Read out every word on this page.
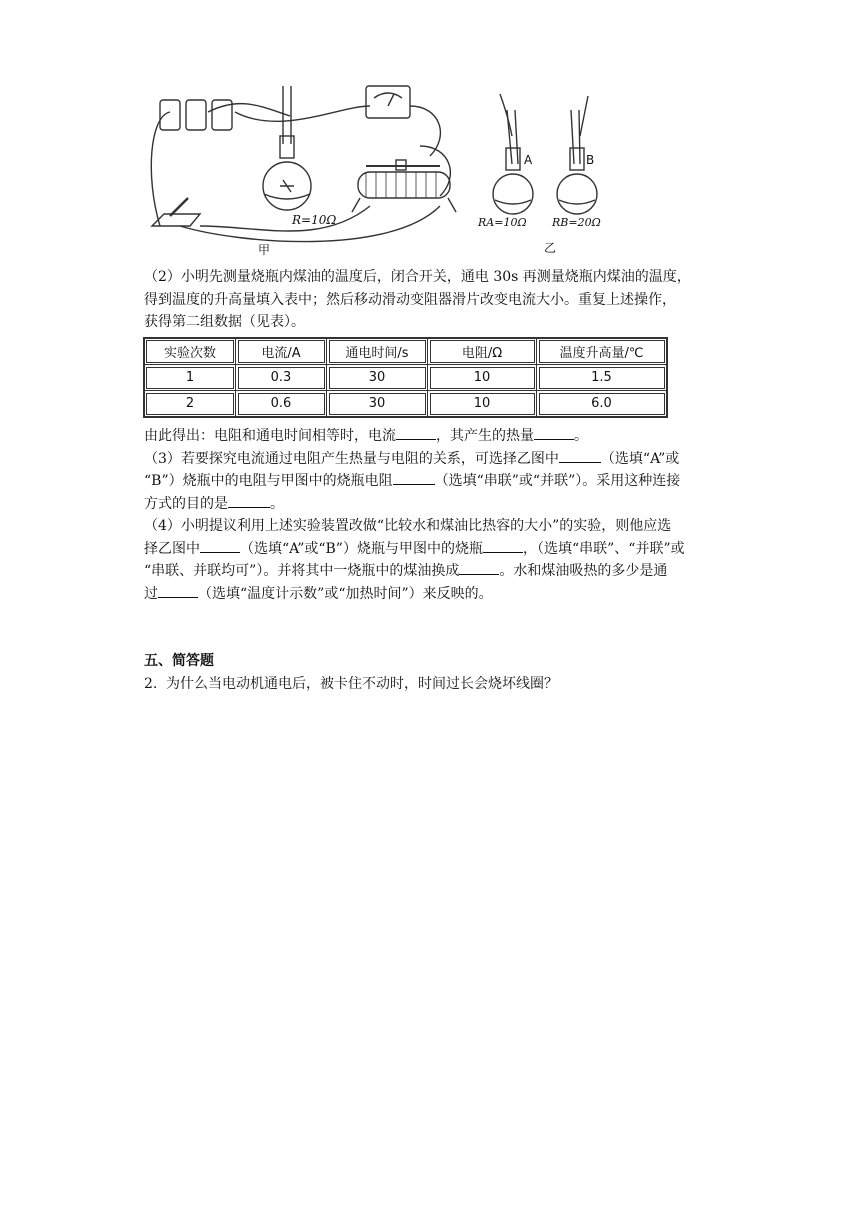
R=10Ω
甲
A	B
RA=10Ω RB=20Ω
乙

（2）小明先测量烧瓶内煤油的温度后，闭合开关，通电 30s 再测量烧瓶内煤油的温度，

得到温度的升高量填入表中；然后移动滑动变阻器滑片改变电流大小。重复上述操作，

获得第二组数据（见表）。

实验次数	电流/A	通电时间/s	电阻/Ω	温度升高量/℃
1	0.3	30	10	1.5
2	0.6	30	10	6.0

由此得出：电阻和通电时间相等时，电流	，其产生的热量	。

（3）若要探究电流通过电阻产生热量与电阻的关系，可选择乙图中	（选填“A”或

“B”）烧瓶中的电阻与甲图中的烧瓶电阻	（选填“串联”或“并联”）。采用这种连接

方式的目的是	。

（4）小明提议利用上述实验装置改做“比较水和煤油比热容的大小”的实验，则他应选

择乙图中	（选填“A”或“B”）烧瓶与甲图中的烧瓶	，（选填“串联”、“并联”或

“串联、并联均可”）。并将其中一烧瓶中的煤油换成	。水和煤油吸热的多少是通

过	（选填“温度计示数”或“加热时间”）来反映的。

五、简答题
2. 为什么当电动机通电后，被卡住不动时，时间过长会烧坏线圈？
